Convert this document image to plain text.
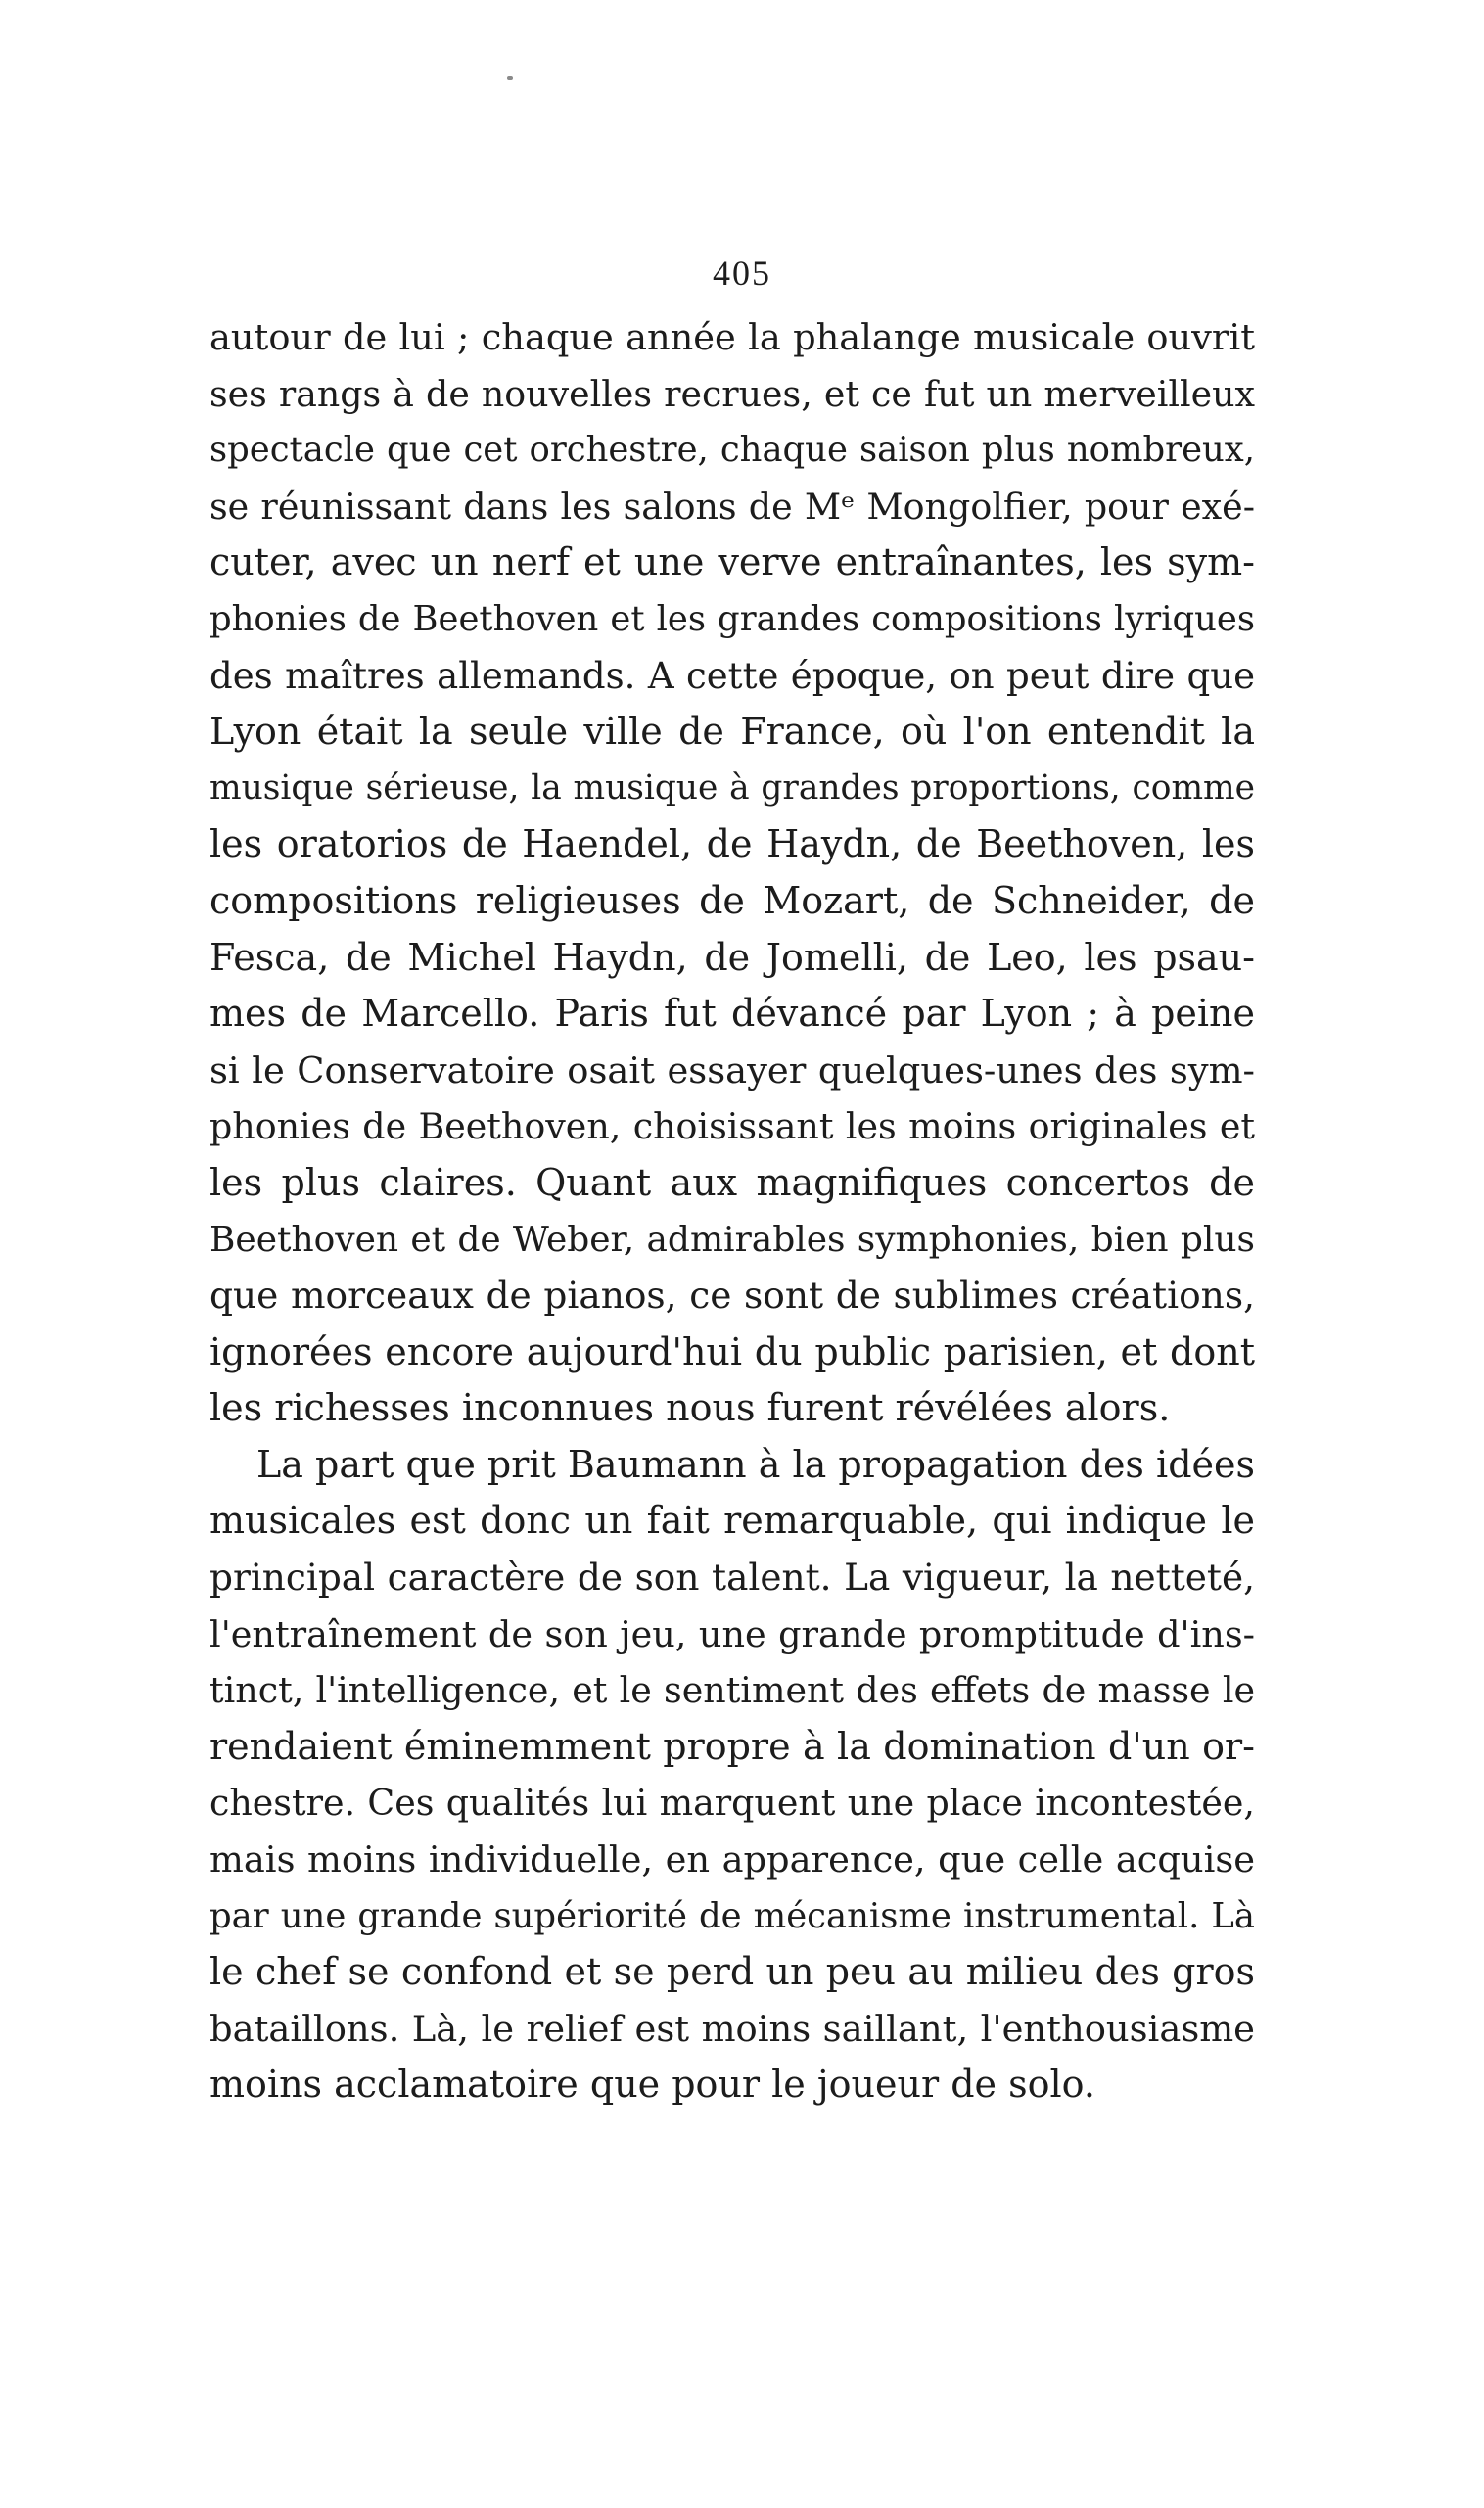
405
autour de lui ; chaque année la phalange musicale ouvrit
ses rangs à de nouvelles recrues, et ce fut un merveilleux
spectacle que cet orchestre, chaque saison plus nombreux,
se réunissant dans les salons de Mᵉ Mongolfier, pour exé-
cuter, avec un nerf et une verve entraînantes, les sym-
phonies de Beethoven et les grandes compositions lyriques
des maîtres allemands. A cette époque, on peut dire que
Lyon était la seule ville de France, où l'on entendit la
musique sérieuse, la musique à grandes proportions, comme
les oratorios de Haendel, de Haydn, de Beethoven, les
compositions religieuses de Mozart, de Schneider, de
Fesca, de Michel Haydn, de Jomelli, de Leo, les psau-
mes de Marcello. Paris fut dévancé par Lyon ; à peine
si le Conservatoire osait essayer quelques-unes des sym-
phonies de Beethoven, choisissant les moins originales et
les plus claires. Quant aux magnifiques concertos de
Beethoven et de Weber, admirables symphonies, bien plus
que morceaux de pianos, ce sont de sublimes créations,
ignorées encore aujourd'hui du public parisien, et dont
les richesses inconnues nous furent révélées alors.
La part que prit Baumann à la propagation des idées
musicales est donc un fait remarquable, qui indique le
principal caractère de son talent. La vigueur, la netteté,
l'entraînement de son jeu, une grande promptitude d'ins-
tinct, l'intelligence, et le sentiment des effets de masse le
rendaient éminemment propre à la domination d'un or-
chestre. Ces qualités lui marquent une place incontestée,
mais moins individuelle, en apparence, que celle acquise
par une grande supériorité de mécanisme instrumental. Là
le chef se confond et se perd un peu au milieu des gros
bataillons. Là, le relief est moins saillant, l'enthousiasme
moins acclamatoire que pour le joueur de solo.
